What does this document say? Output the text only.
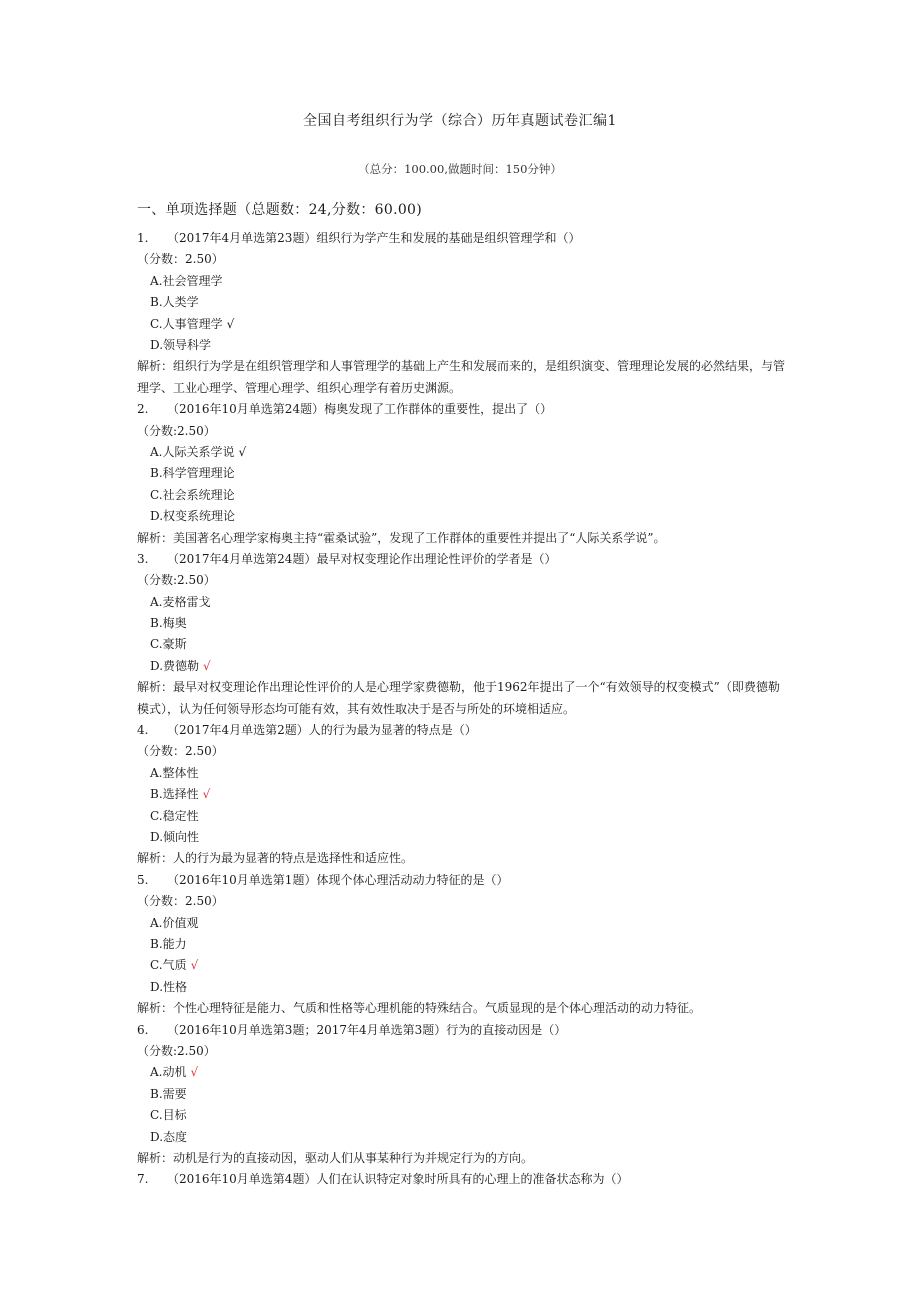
全国自考组织行为学（综合）历年真题试卷汇编1
（总分：100.00,做题时间：150分钟）
一、单项选择题（总题数：24,分数：60.00)
1. （2017年4月单选第23题）组织行为学产生和发展的基础是组织管理学和（）
（分数：2.50）
A.社会管理学
B.人类学
C.人事管理学 √
D.领导科学
解析：组织行为学是在组织管理学和人事管理学的基础上产生和发展而来的，是组织演变、管理理论发展的必然结果，与管理学、工业心理学、管理心理学、组织心理学有着历史渊源。
2. （2016年10月单选第24题）梅奥发现了工作群体的重要性，提出了（）
（分数:2.50）
A.人际关系学说 √
B.科学管理理论
C.社会系统理论
D.权变系统理论
解析：美国著名心理学家梅奥主持“霍桑试验”，发现了工作群体的重要性并提出了“人际关系学说”。
3. （2017年4月单选第24题）最早对权变理论作出理论性评价的学者是（）
（分数:2.50）
A.麦格雷戈
B.梅奥
C.豪斯
D.费德勒 √
解析：最早对权变理论作出理论性评价的人是心理学家费德勒，他于1962年提出了一个“有效领导的权变模式”（即费德勒模式），认为任何领导形态均可能有效，其有效性取决于是否与所处的环境相适应。
4. （2017年4月单选第2题）人的行为最为显著的特点是（）
（分数：2.50）
A.整体性
B.选择性 √
C.稳定性
D.倾向性
解析：人的行为最为显著的特点是选择性和适应性。
5. （2016年10月单选第1题）体现个体心理活动动力特征的是（）
（分数：2.50）
A.价值观
B.能力
C.气质 √
D.性格
解析：个性心理特征是能力、气质和性格等心理机能的特殊结合。气质显现的是个体心理活动的动力特征。
6. （2016年10月单选第3题；2017年4月单选第3题）行为的直接动因是（）
（分数:2.50）
A.动机 √
B.需要
C.目标
D.态度
解析：动机是行为的直接动因，驱动人们从事某种行为并规定行为的方向。
7. （2016年10月单选第4题）人们在认识特定对象时所具有的心理上的准备状态称为（）
